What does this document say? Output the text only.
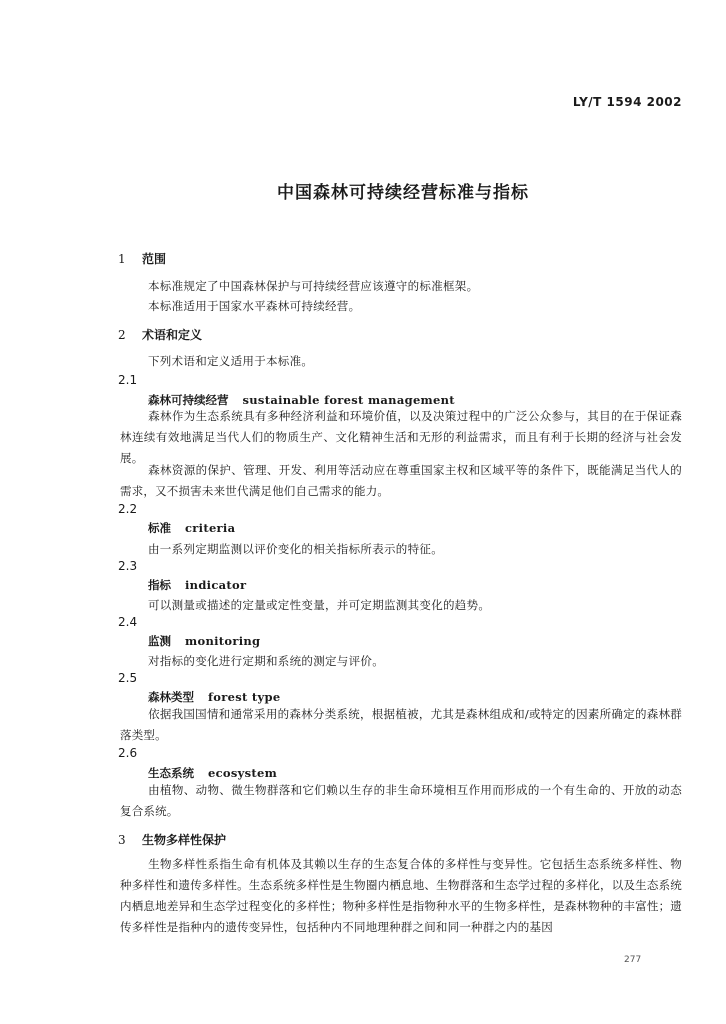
LY/T 1594 2002
中国森林可持续经营标准与指标
1 范围
本标准规定了中国森林保护与可持续经营应该遵守的标准框架。
本标准适用于国家水平森林可持续经营。
2 术语和定义
下列术语和定义适用于本标准。
2.1
森林可持续经营 sustainable forest management
森林作为生态系统具有多种经济利益和环境价值，以及决策过程中的广泛公众参与，其目的在于保证森林连续有效地满足当代人们的物质生产、文化精神生活和无形的利益需求，而且有利于长期的经济与社会发展。
森林资源的保护、管理、开发、利用等活动应在尊重国家主权和区域平等的条件下，既能满足当代人的需求，又不损害未来世代满足他们自己需求的能力。
2.2
标准 criteria
由一系列定期监测以评价变化的相关指标所表示的特征。
2.3
指标 indicator
可以测量或描述的定量或定性变量，并可定期监测其变化的趋势。
2.4
监测 monitoring
对指标的变化进行定期和系统的测定与评价。
2.5
森林类型 forest type
依据我国国情和通常采用的森林分类系统，根据植被，尤其是森林组成和/或特定的因素所确定的森林群落类型。
2.6
生态系统 ecosystem
由植物、动物、微生物群落和它们赖以生存的非生命环境相互作用而形成的一个有生命的、开放的动态复合系统。
3 生物多样性保护
生物多样性系指生命有机体及其赖以生存的生态复合体的多样性与变异性。它包括生态系统多样性、物种多样性和遗传多样性。生态系统多样性是生物圈内栖息地、生物群落和生态学过程的多样化，以及生态系统内栖息地差异和生态学过程变化的多样性；物种多样性是指物种水平的生物多样性，是森林物种的丰富性；遗传多样性是指种内的遗传变异性，包括种内不同地理种群之间和同一种群之内的基因
277
